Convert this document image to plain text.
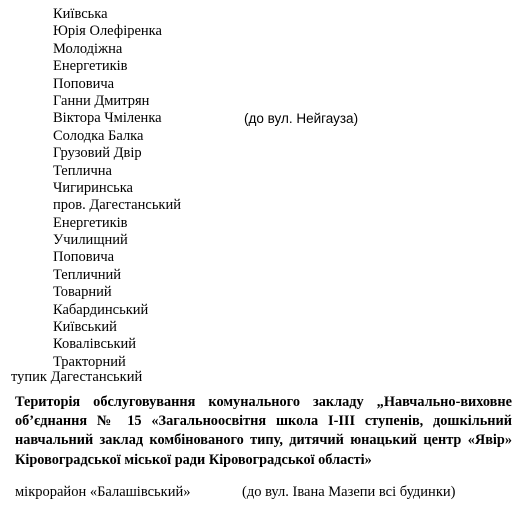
Київська
Юрія Олефіренка
Молодіжна
Енергетиків
Поповича
Ганни Дмитрян
Віктора Чміленка
Солодка Балка
Грузовий Двір
Теплична
Чигиринська
пров. Дагестанський
Енергетиків
Училищний
Поповича
Тепличний
Товарний
Кабардинський
Київський
Ковалівський
Тракторний
(до вул. Нейгауза)
тупик Дагестанський

Територія обслуговування комунального закладу „Навчально-виховне об’єднання № 15 «Загальноосвітня школа І-ІІІ ступенів, дошкільний навчальний заклад комбінованого типу, дитячий юнацький центр «Явір» Кіровоградської міської ради Кіровоградської області»

мікрорайон «Балашівський»	(до вул. Івана Мазепи всі будинки)
